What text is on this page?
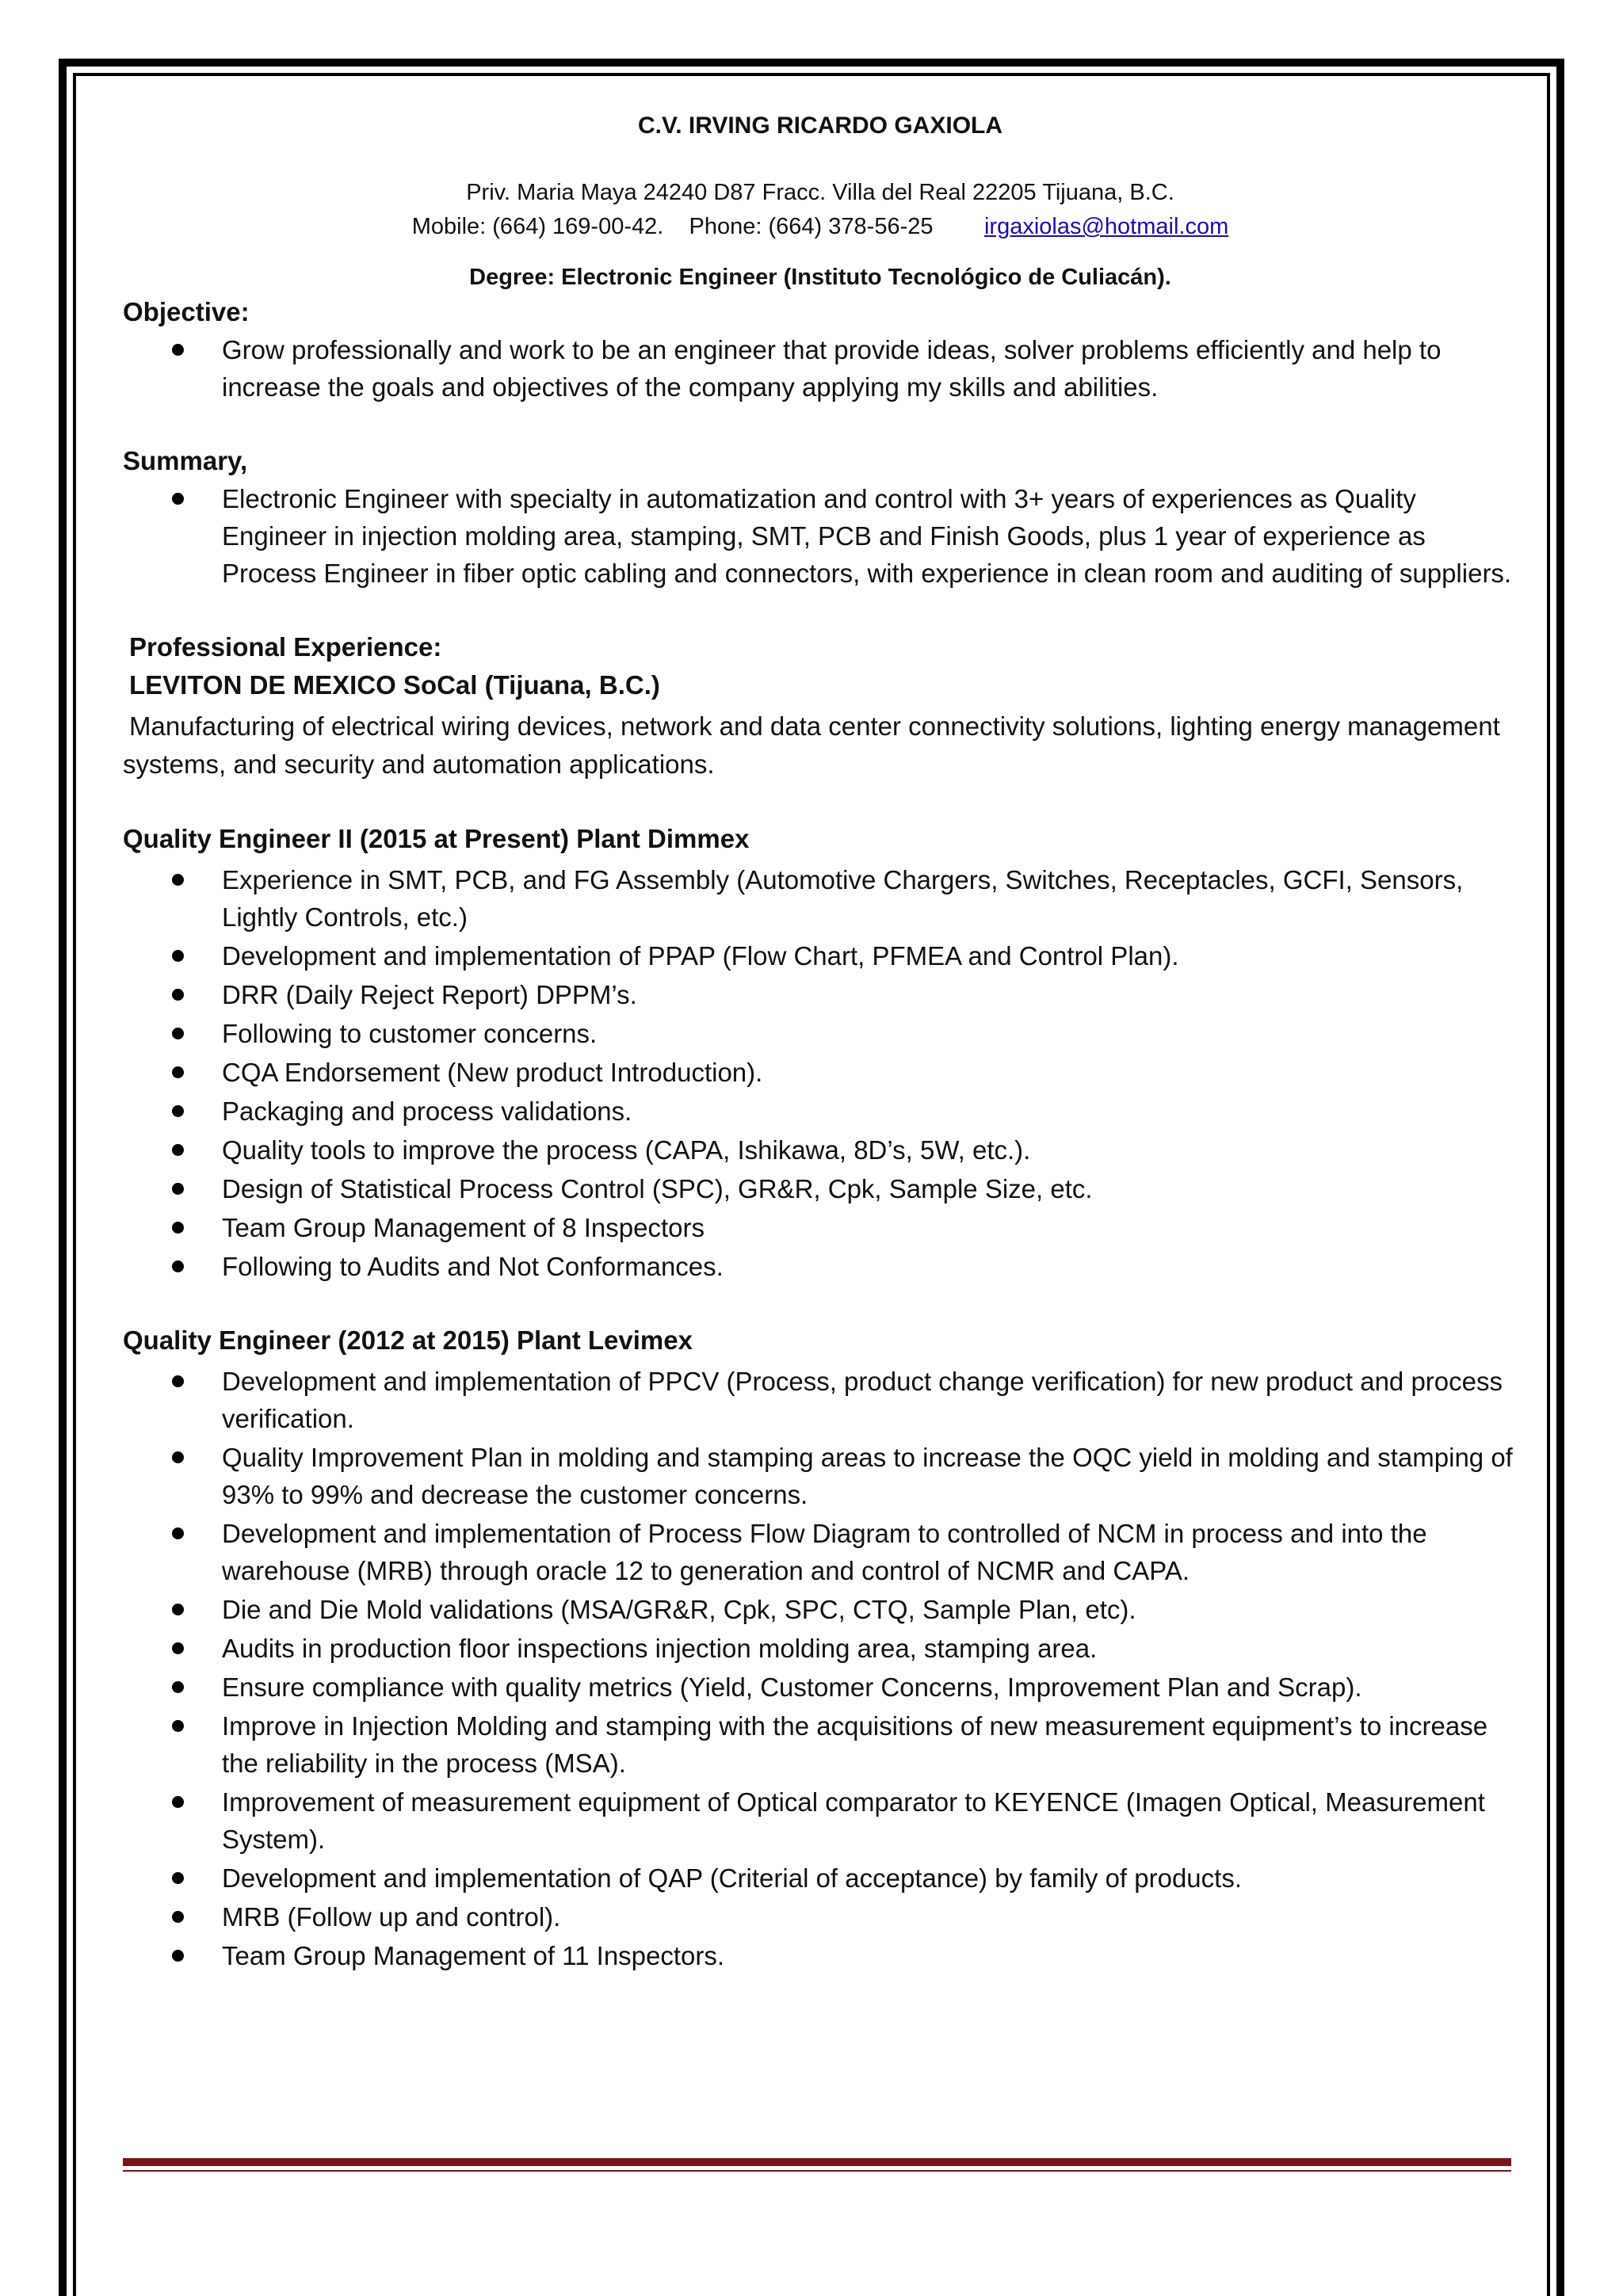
C.V. IRVING RICARDO GAXIOLA
Priv. Maria Maya 24240 D87 Fracc. Villa del Real 22205 Tijuana, B.C.
Mobile: (664) 169-00-42. Phone: (664) 378-56-25 irgaxiolas@hotmail.com
Degree: Electronic Engineer (Instituto Tecnológico de Culiacán).
Objective:
Grow professionally and work to be an engineer that provide ideas, solver problems efficiently and help to increase the goals and objectives of the company applying my skills and abilities.
Summary,
Electronic Engineer with specialty in automatization and control with 3+ years of experiences as Quality Engineer in injection molding area, stamping, SMT, PCB and Finish Goods, plus 1 year of experience as Process Engineer in fiber optic cabling and connectors, with experience in clean room and auditing of suppliers.
Professional Experience:
LEVITON DE MEXICO SoCal (Tijuana, B.C.)
Manufacturing of electrical wiring devices, network and data center connectivity solutions, lighting energy management systems, and security and automation applications.
Quality Engineer II (2015 at Present) Plant Dimmex
Experience in SMT, PCB, and FG Assembly (Automotive Chargers, Switches, Receptacles, GCFI, Sensors, Lightly Controls, etc.)
Development and implementation of PPAP (Flow Chart, PFMEA and Control Plan).
DRR (Daily Reject Report) DPPM’s.
Following to customer concerns.
CQA Endorsement (New product Introduction).
Packaging and process validations.
Quality tools to improve the process (CAPA, Ishikawa, 8D’s, 5W, etc.).
Design of Statistical Process Control (SPC), GR&R, Cpk, Sample Size, etc.
Team Group Management of 8 Inspectors
Following to Audits and Not Conformances.
Quality Engineer (2012 at 2015) Plant Levimex
Development and implementation of PPCV (Process, product change verification) for new product and process verification.
Quality Improvement Plan in molding and stamping areas to increase the OQC yield in molding and stamping of 93% to 99% and decrease the customer concerns.
Development and implementation of Process Flow Diagram to controlled of NCM in process and into the warehouse (MRB) through oracle 12 to generation and control of NCMR and CAPA.
Die and Die Mold validations (MSA/GR&R, Cpk, SPC, CTQ, Sample Plan, etc).
Audits in production floor inspections injection molding area, stamping area.
Ensure compliance with quality metrics (Yield, Customer Concerns, Improvement Plan and Scrap).
Improve in Injection Molding and stamping with the acquisitions of new measurement equipment’s to increase the reliability in the process (MSA).
Improvement of measurement equipment of Optical comparator to KEYENCE (Imagen Optical, Measurement System).
Development and implementation of QAP (Criterial of acceptance) by family of products.
MRB (Follow up and control).
Team Group Management of 11 Inspectors.
